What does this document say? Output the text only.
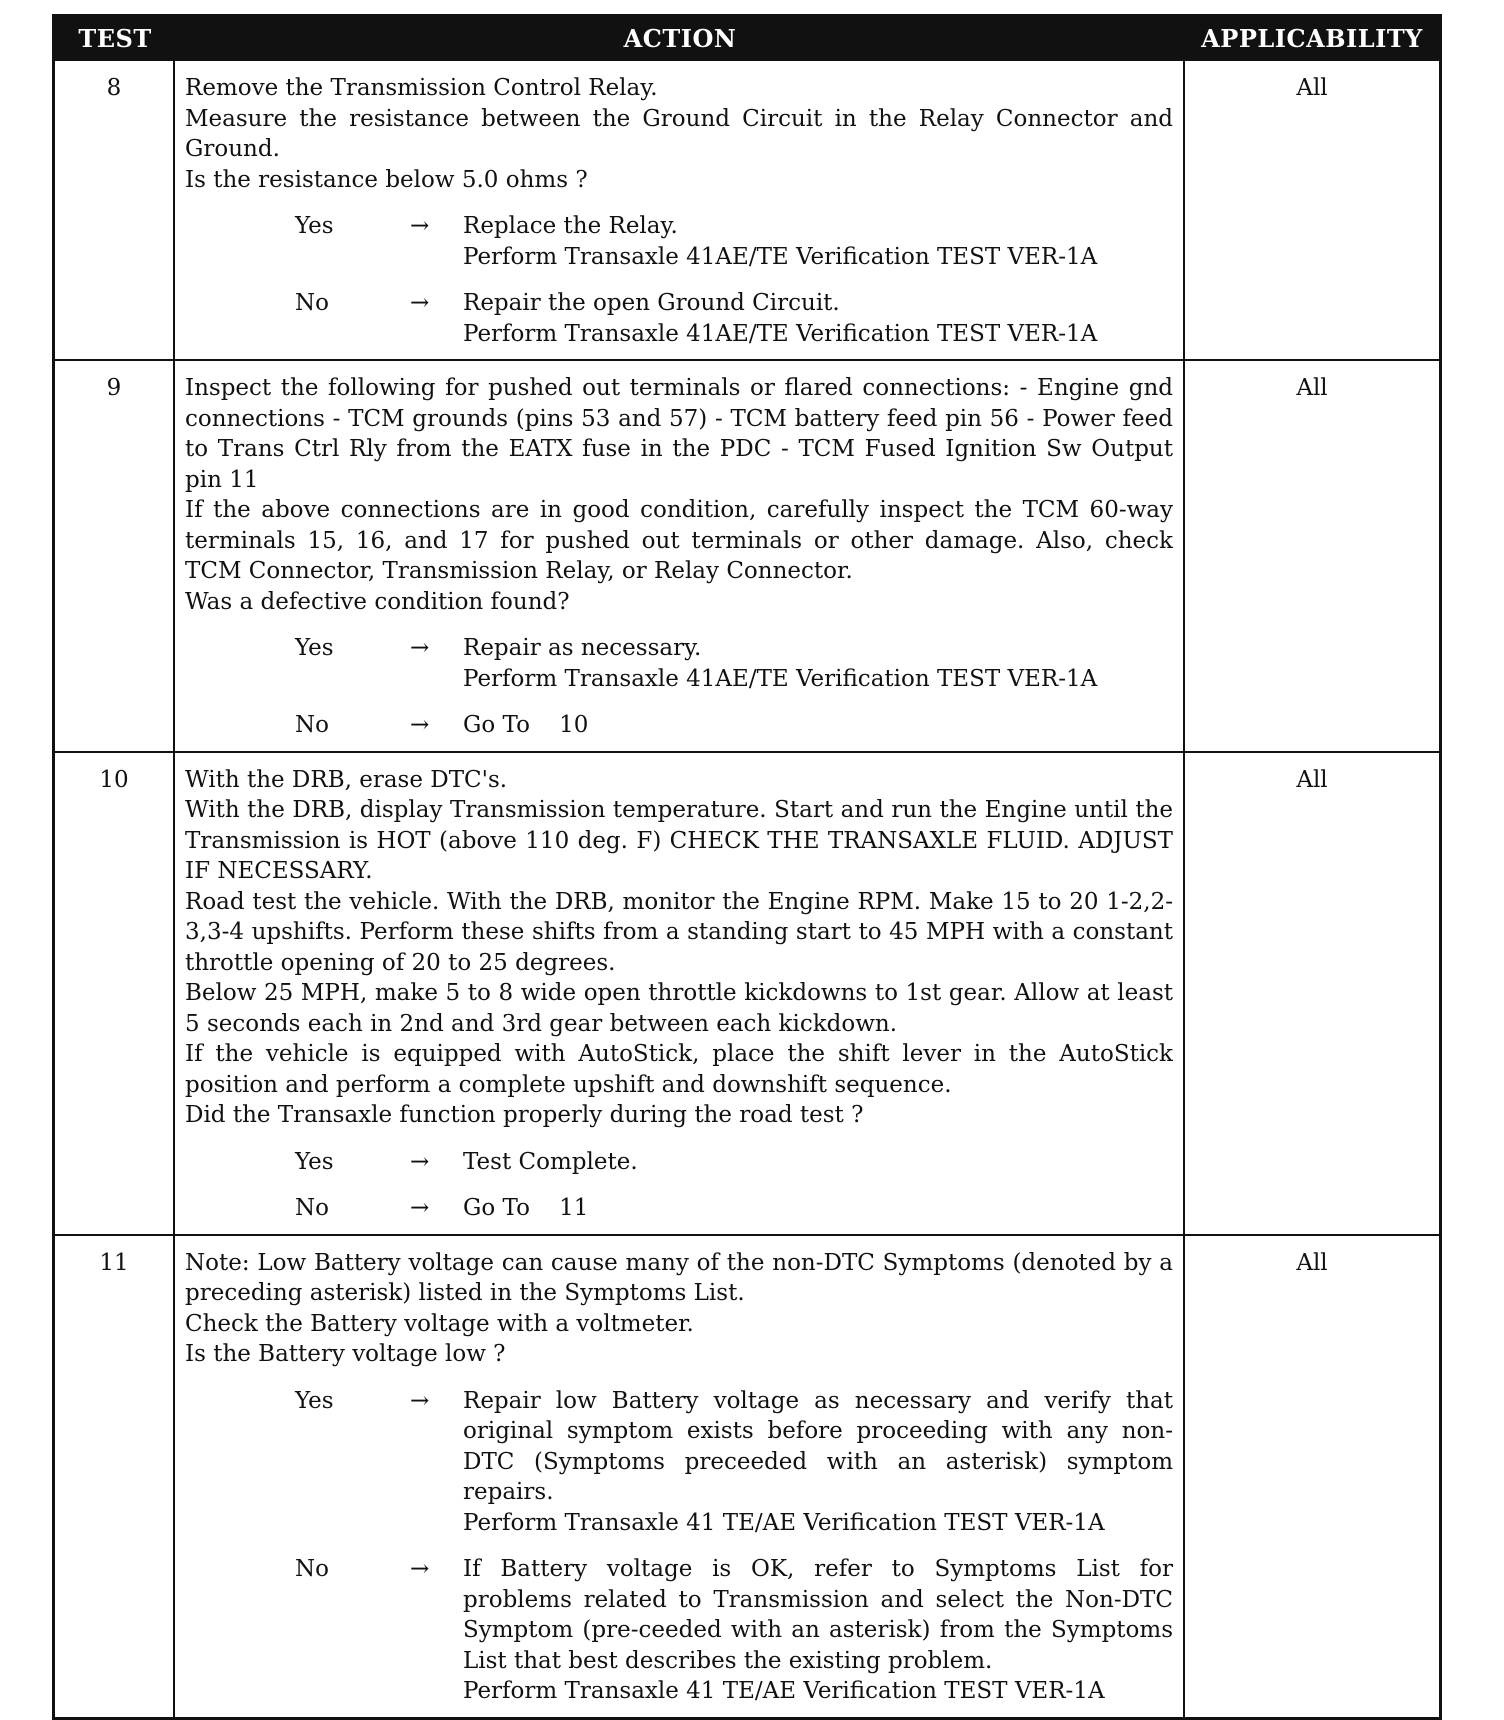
TEST	ACTION	APPLICABILITY
8	Remove the Transmission Control Relay.

Measure the resistance between the Ground Circuit in the Relay Connector and Ground.

Is the resistance below 5.0 ohms ?

Yes	→	Replace the Relay.

Perform Transaxle 41AE/TE Verification TEST VER-1A

No	→	Repair the open Ground Circuit.

Perform Transaxle 41AE/TE Verification TEST VER-1A

All
9	Inspect the following for pushed out terminals or flared connections: - Engine gnd connections - TCM grounds (pins 53 and 57) - TCM battery feed pin 56 - Power feed to Trans Ctrl Rly from the EATX fuse in the PDC - TCM Fused Ignition Sw Output pin 11

If the above connections are in good condition, carefully inspect the TCM 60-way terminals 15, 16, and 17 for pushed out terminals or other damage. Also, check TCM Connector, Transmission Relay, or Relay Connector.

Was a defective condition found?

Yes	→	Repair as necessary.

Perform Transaxle 41AE/TE Verification TEST VER-1A

No	→	Go To    10

All
10	With the DRB, erase DTC's.

With the DRB, display Transmission temperature. Start and run the Engine until the Transmission is HOT (above 110 deg. F) CHECK THE TRANSAXLE FLUID. ADJUST IF NECESSARY.

Road test the vehicle. With the DRB, monitor the Engine RPM. Make 15 to 20 1-2,2-3,3-4 upshifts. Perform these shifts from a standing start to 45 MPH with a constant throttle opening of 20 to 25 degrees.

Below 25 MPH, make 5 to 8 wide open throttle kickdowns to 1st gear. Allow at least 5 seconds each in 2nd and 3rd gear between each kickdown.

If the vehicle is equipped with AutoStick, place the shift lever in the AutoStick position and perform a complete upshift and downshift sequence.

Did the Transaxle function properly during the road test ?

Yes	→	Test Complete.

No	→	Go To    11

All
11	Note: Low Battery voltage can cause many of the non-DTC Symptoms (denoted by a preceding asterisk) listed in the Symptoms List.

Check the Battery voltage with a voltmeter.

Is the Battery voltage low ?

Yes	→	Repair low Battery voltage as necessary and verify that original symptom exists before proceeding with any non-DTC (Symptoms preceeded with an asterisk) symptom repairs.

Perform Transaxle 41 TE/AE Verification TEST VER-1A

No	→	If Battery voltage is OK, refer to Symptoms List for problems related to Transmission and select the Non-DTC Symptom (pre-ceeded with an asterisk) from the Symptoms List that best describes the existing problem.

Perform Transaxle 41 TE/AE Verification TEST VER-1A

All
